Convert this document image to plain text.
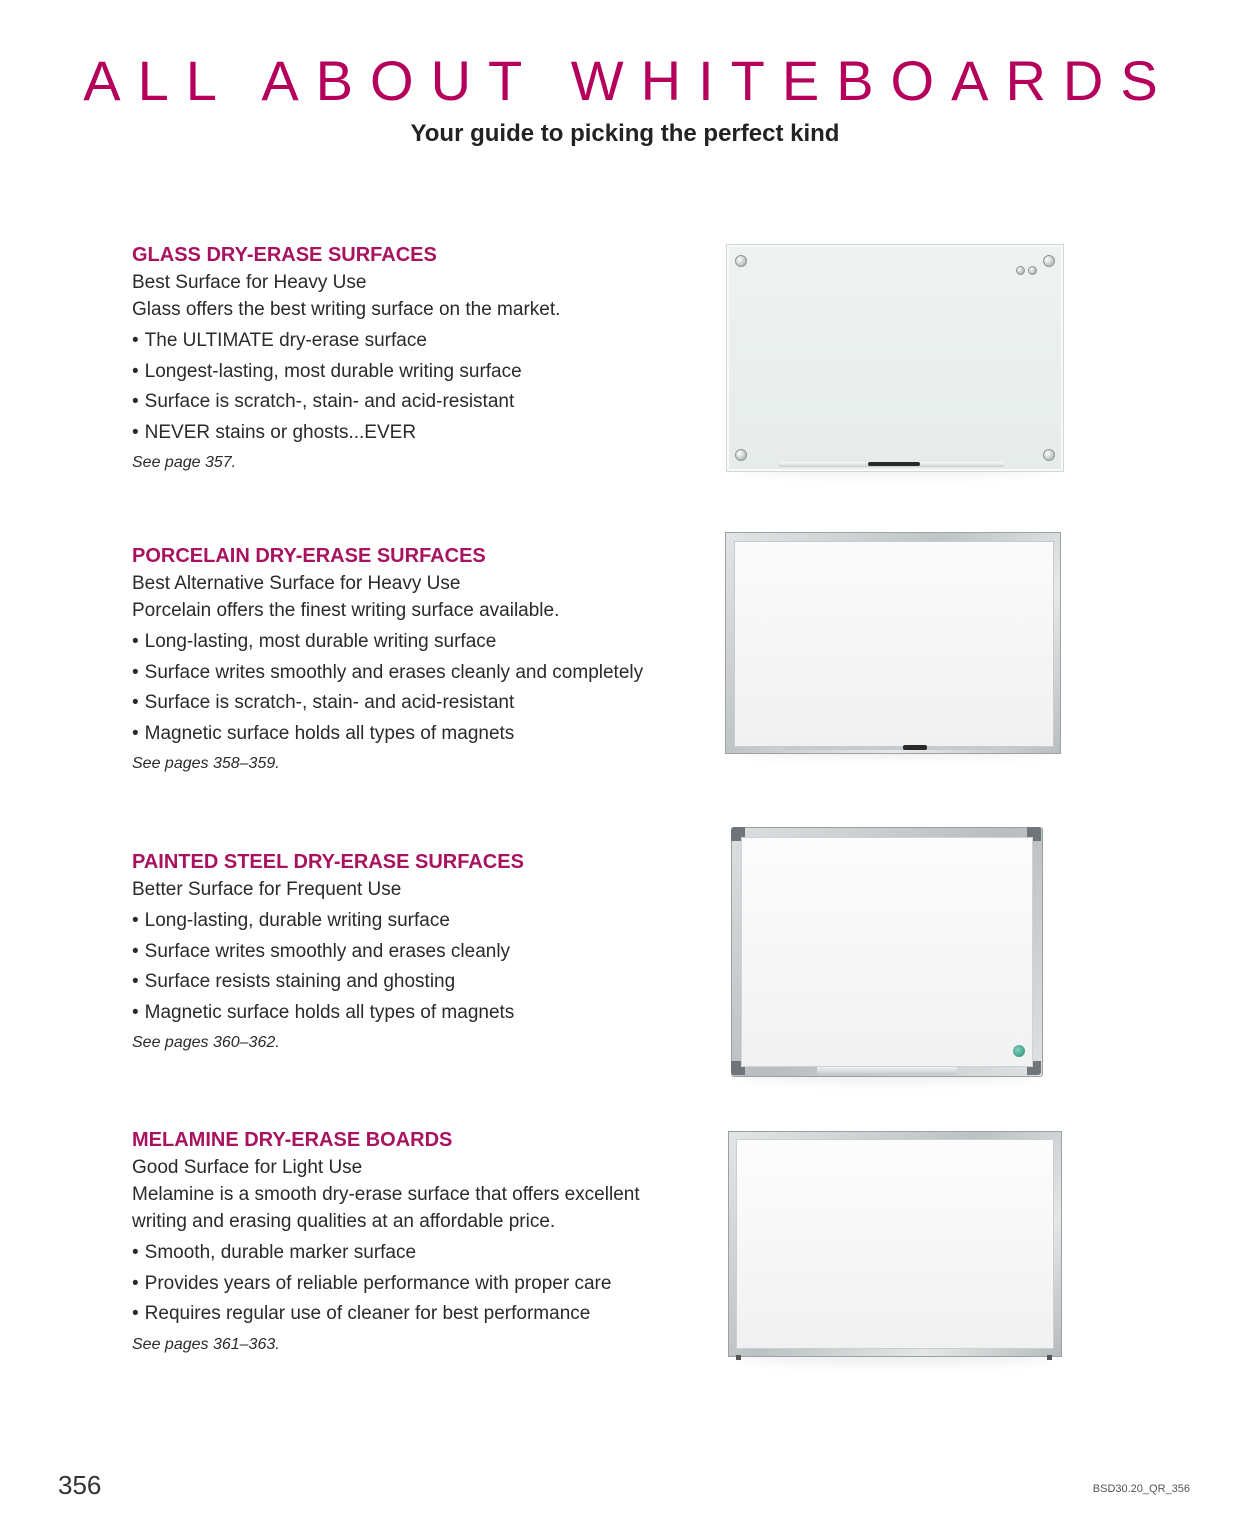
ALL ABOUT WHITEBOARDS
Your guide to picking the perfect kind
GLASS DRY-ERASE SURFACES
Best Surface for Heavy Use
Glass offers the best writing surface on the market.
• The ULTIMATE dry-erase surface
• Longest-lasting, most durable writing surface
• Surface is scratch-, stain- and acid-resistant
• NEVER stains or ghosts...EVER
See page 357.
PORCELAIN DRY-ERASE SURFACES
Best Alternative Surface for Heavy Use
Porcelain offers the finest writing surface available.
• Long-lasting, most durable writing surface
• Surface writes smoothly and erases cleanly and completely
• Surface is scratch-, stain- and acid-resistant
• Magnetic surface holds all types of magnets
See pages 358–359.
PAINTED STEEL DRY-ERASE SURFACES
Better Surface for Frequent Use
• Long-lasting, durable writing surface
• Surface writes smoothly and erases cleanly
• Surface resists staining and ghosting
• Magnetic surface holds all types of magnets
See pages 360–362.
MELAMINE DRY-ERASE BOARDS
Good Surface for Light Use
Melamine is a smooth dry-erase surface that offers excellent writing and erasing qualities at an affordable price.
• Smooth, durable marker surface
• Provides years of reliable performance with proper care
• Requires regular use of cleaner for best performance
See pages 361–363.
356	BSD30.20_QR_356
